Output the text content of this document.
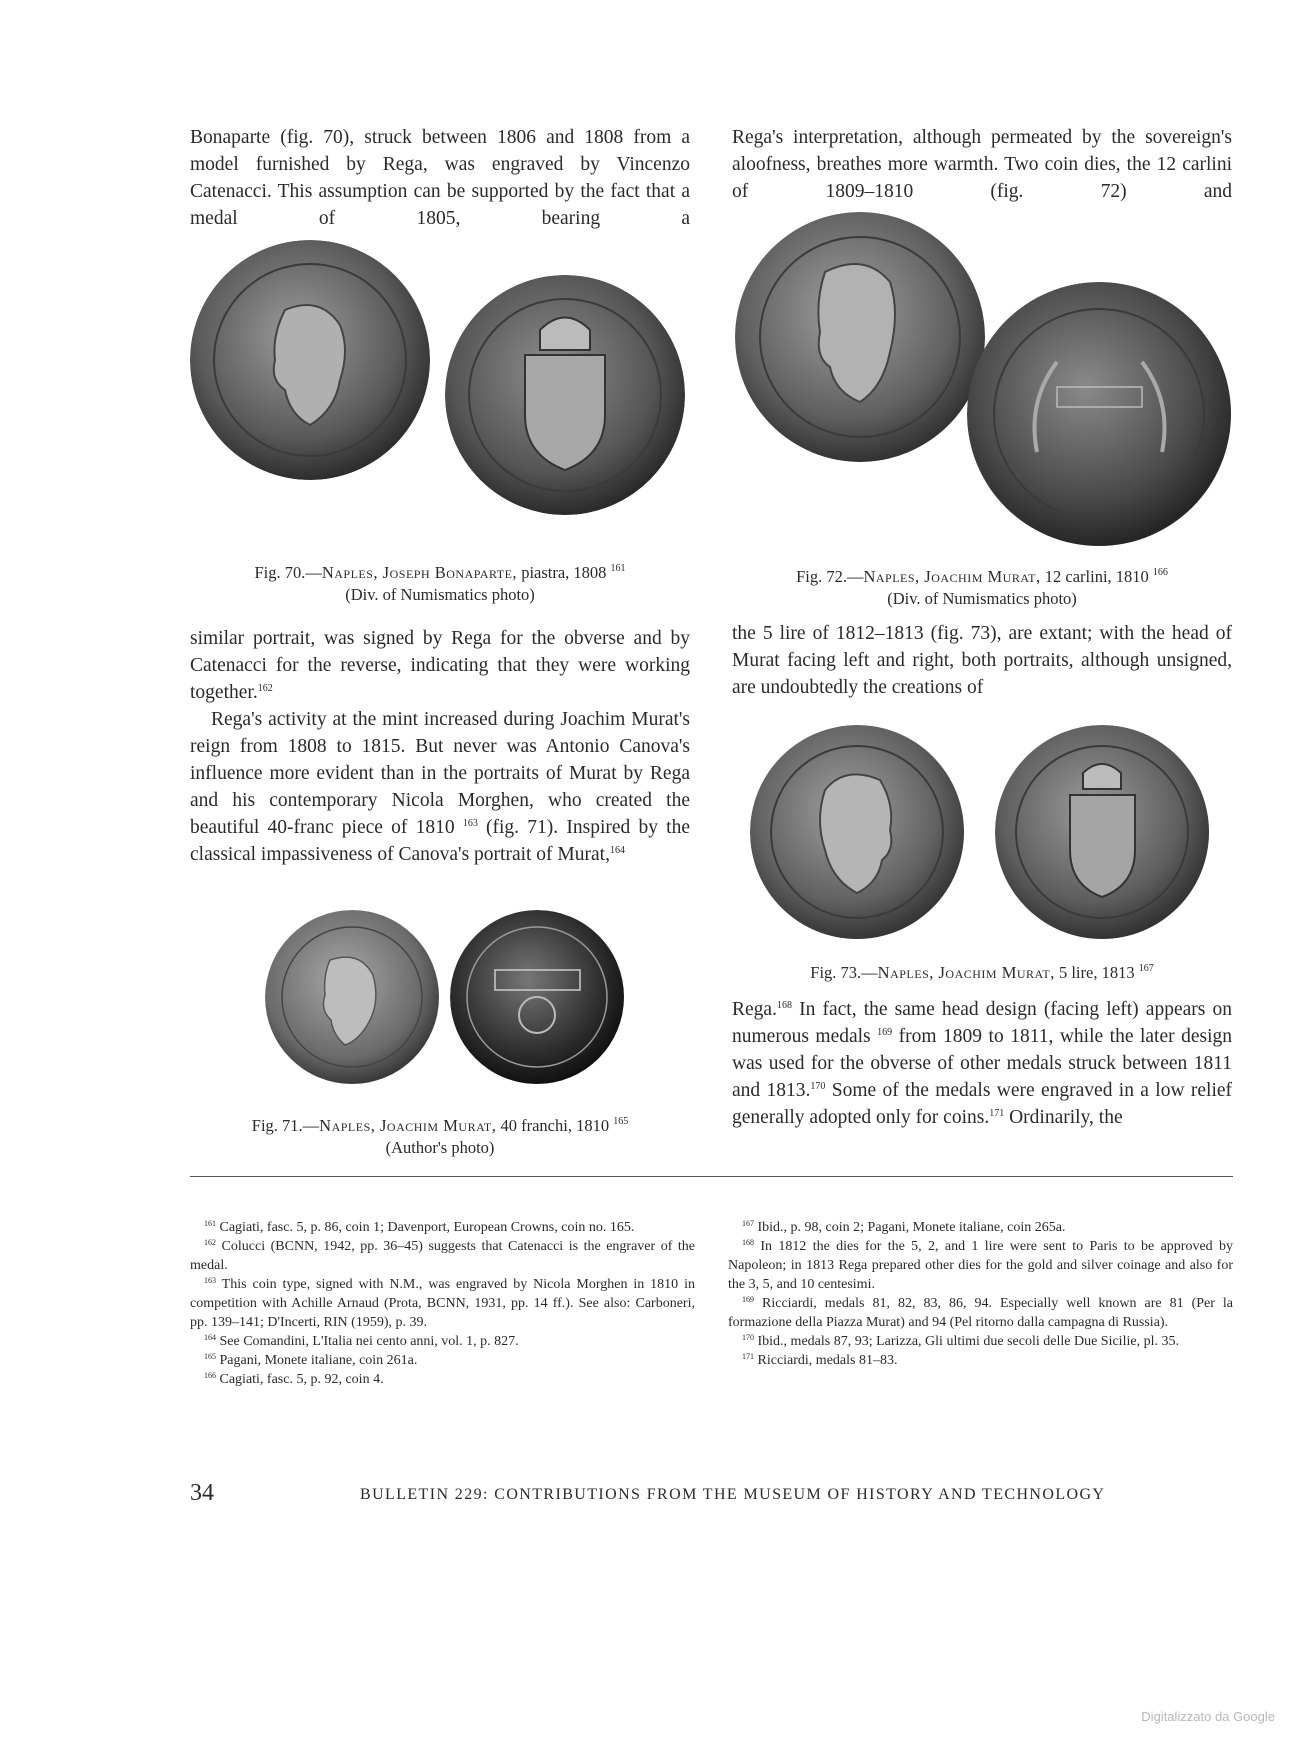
Bonaparte (fig. 70), struck between 1806 and 1808 from a model furnished by Rega, was engraved by Vincenzo Catenacci. This assumption can be supported by the fact that a medal of 1805, bearing a

Fig. 70.—Naples, Joseph Bonaparte, piastra, 1808 $^{161}$
(Div. of Numismatics photo)

similar portrait, was signed by Rega for the obverse and by Catenacci for the reverse, indicating that they were working together.$^{162}$

Rega's activity at the mint increased during Joachim Murat's reign from 1808 to 1815. But never was Antonio Canova's influence more evident than in the portraits of Murat by Rega and his contemporary Nicola Morghen, who created the beautiful 40-franc piece of 1810 $^{163}$ (fig. 71). Inspired by the classical impassiveness of Canova's portrait of Murat,$^{164}$

Fig. 71.—Naples, Joachim Murat, 40 franchi, 1810 $^{165}$
(Author's photo)

Rega's interpretation, although permeated by the sovereign's aloofness, breathes more warmth. Two coin dies, the 12 carlini of 1809–1810 (fig. 72) and

Fig. 72.—Naples, Joachim Murat, 12 carlini, 1810 $^{166}$
(Div. of Numismatics photo)

the 5 lire of 1812–1813 (fig. 73), are extant; with the head of Murat facing left and right, both portraits, although unsigned, are undoubtedly the creations of

Fig. 73.—Naples, Joachim Murat, 5 lire, 1813 $^{167}$

Rega.$^{168}$ In fact, the same head design (facing left) appears on numerous medals $^{169}$ from 1809 to 1811, while the later design was used for the obverse of other medals struck between 1811 and 1813.$^{170}$ Some of the medals were engraved in a low relief generally adopted only for coins.$^{171}$ Ordinarily, the

$^{161}$ Cagiati, fasc. 5, p. 86, coin 1; Davenport, European Crowns, coin no. 165.

$^{162}$ Colucci (BCNN, 1942, pp. 36–45) suggests that Catenacci is the engraver of the medal.

$^{163}$ This coin type, signed with N.M., was engraved by Nicola Morghen in 1810 in competition with Achille Arnaud (Prota, BCNN, 1931, pp. 14 ff.). See also: Carboneri, pp. 139–141; D'Incerti, RIN (1959), p. 39.

$^{164}$ See Comandini, L'Italia nei cento anni, vol. 1, p. 827.

$^{165}$ Pagani, Monete italiane, coin 261a.

$^{166}$ Cagiati, fasc. 5, p. 92, coin 4.

$^{167}$ Ibid., p. 98, coin 2; Pagani, Monete italiane, coin 265a.

$^{168}$ In 1812 the dies for the 5, 2, and 1 lire were sent to Paris to be approved by Napoleon; in 1813 Rega prepared other dies for the gold and silver coinage and also for the 3, 5, and 10 centesimi.

$^{169}$ Ricciardi, medals 81, 82, 83, 86, 94. Especially well known are 81 (Per la formazione della Piazza Murat) and 94 (Pel ritorno dalla campagna di Russia).

$^{170}$ Ibid., medals 87, 93; Larizza, Gli ultimi due secoli delle Due Sicilie, pl. 35.

$^{171}$ Ricciardi, medals 81–83.

34	BULLETIN 229: CONTRIBUTIONS FROM THE MUSEUM OF HISTORY AND TECHNOLOGY
Digitalizzato da Google
